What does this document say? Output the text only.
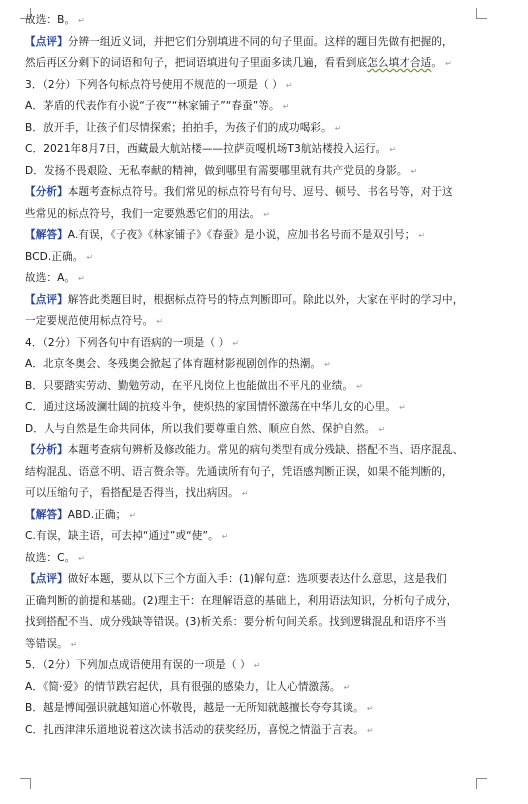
故选：B。 ↵
【点评】分辨一组近义词，并把它们分别填进不同的句子里面。这样的题目先做有把握的，
然后再区分剩下的词语和句子，把词语填进句子里面多读几遍，看看到底怎么填才合适。 ↵
3．（2分）下列各句标点符号使用不规范的一项是（ ） ↵
A．茅盾的代表作有小说“子夜”“林家铺子”“春蚕”等。 ↵
B．放开手，让孩子们尽情探索；拍拍手，为孩子们的成功喝彩。 ↵
C．2021年8月7日，西藏最大航站楼——拉萨贡嘎机场T3航站楼投入运行。 ↵
D．发扬不畏艰险、无私奉献的精神，做到哪里有需要哪里就有共产党员的身影。 ↵
【分析】本题考查标点符号。我们常见的标点符号有句号、逗号、顿号、书名号等，对于这
些常见的标点符号，我们一定要熟悉它们的用法。 ↵
【解答】A.有误，《子夜》《林家铺子》《春蚕》是小说，应加书名号而不是双引号； ↵
BCD.正确。 ↵
故选：A。 ↵
【点评】解答此类题目时，根据标点符号的特点判断即可。除此以外，大家在平时的学习中，
一定要规范使用标点符号。 ↵
4．（2分）下列各句中有语病的一项是（ ） ↵
A．北京冬奥会、冬残奥会掀起了体育题材影视剧创作的热潮。 ↵
B．只要踏实劳动、勤勉劳动，在平凡岗位上也能做出不平凡的业绩。 ↵
C．通过这场波澜壮阔的抗疫斗争，使炽热的家国情怀激荡在中华儿女的心里。 ↵
D．人与自然是生命共同体，所以我们要尊重自然、顺应自然、保护自然。 ↵
【分析】本题考查病句辨析及修改能力。常见的病句类型有成分残缺、搭配不当、语序混乱、
结构混乱、语意不明、语言赘余等。先通读所有句子，凭语感判断正误，如果不能判断的，
可以压缩句子，看搭配是否得当，找出病因。 ↵
【解答】ABD.正确； ↵
C.有误，缺主语，可去掉“通过”或“使”。 ↵
故选：C。 ↵
【点评】做好本题，要从以下三个方面入手：(1)解句意：选项要表达什么意思，这是我们
正确判断的前提和基础。(2)理主干：在理解语意的基础上，利用语法知识，分析句子成分，
找到搭配不当、成分残缺等错误。(3)析关系：要分析句间关系。找到逻辑混乱和语序不当
等错误。 ↵
5．（2分）下列加点成语使用有误的一项是（ ） ↵
A．《简·爱》的情节跌宕起伏，具有很强的感染力，让人心情激荡。 ↵
B．越是博闻强识就越知道心怀敬畏，越是一无所知就越擅长夸夸其谈。 ↵
C．扎西津津乐道地说着这次读书活动的获奖经历，喜悦之情溢于言表。 ↵
